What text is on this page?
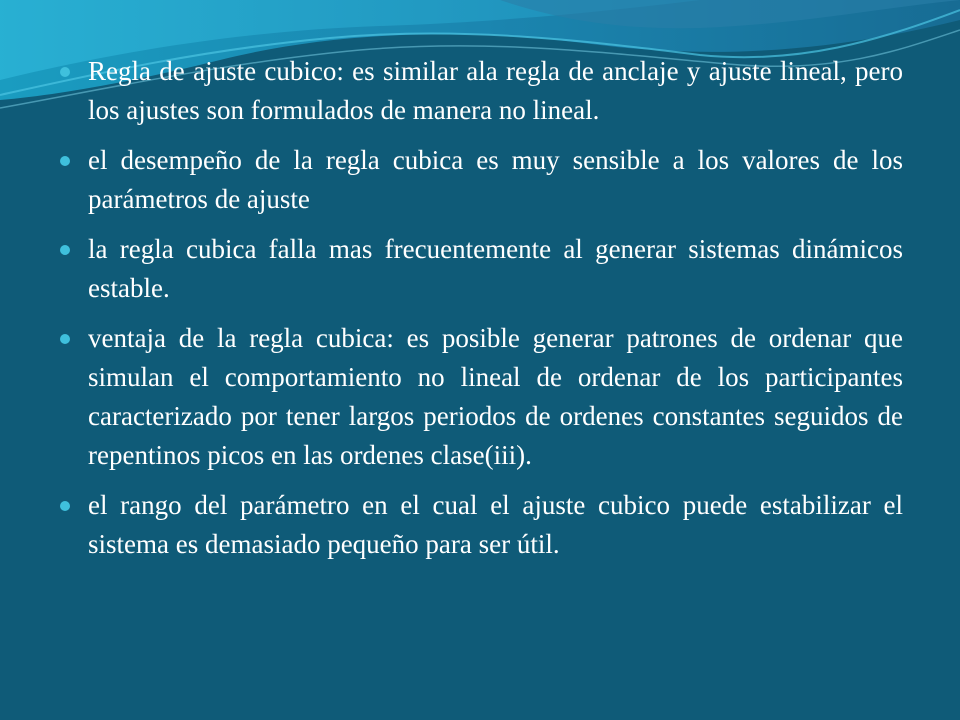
Regla de ajuste cubico: es similar ala regla de anclaje y ajuste lineal, pero los ajustes son formulados de manera no lineal.
el desempeño de la regla cubica es muy sensible a los valores de los parámetros de ajuste
la regla cubica falla mas frecuentemente al generar sistemas dinámicos estable.
ventaja de la regla cubica: es posible generar patrones de ordenar que simulan el comportamiento no lineal de ordenar de los participantes caracterizado por tener largos periodos de ordenes constantes seguidos de repentinos picos en las ordenes clase(iii).
el rango del parámetro en el cual el ajuste cubico puede estabilizar el sistema es demasiado pequeño para ser útil.
